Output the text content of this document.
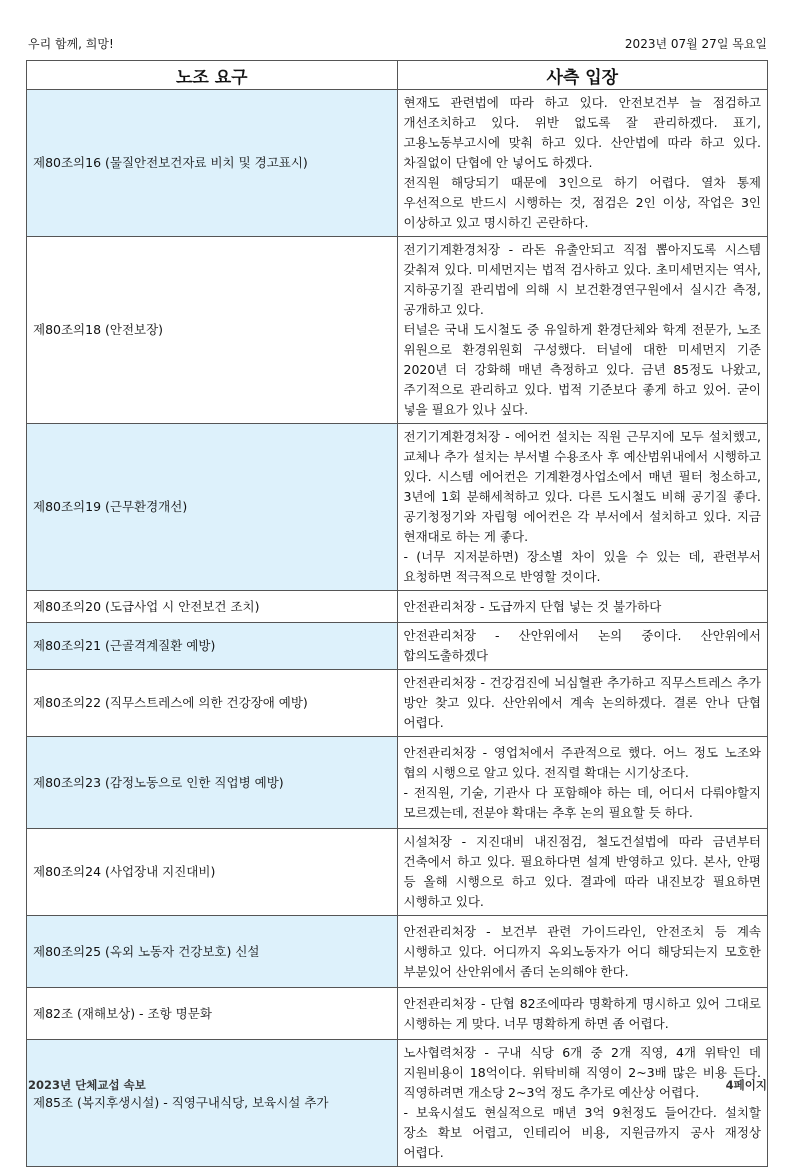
우리 함께, 희망!	2023년 07월 27일 목요일
노조 요구	사측 입장
제80조의16 (물질안전보건자료 비치 및 경고표시)	현재도 관련법에 따라 하고 있다. 안전보건부 늘 점검하고 개선조치하고 있다. 위반 없도록 잘 관리하겠다. 표기, 고용노동부고시에 맞춰 하고 있다. 산안법에 따라 하고 있다. 차질없이 단협에 안 넣어도 하겠다.
전직원 해당되기 때문에 3인으로 하기 어렵다. 열차 통제 우선적으로 반드시 시행하는 것, 점검은 2인 이상, 작업은 3인 이상하고 있고 명시하긴 곤란하다.

제80조의18 (안전보장)	전기기계환경처장 - 라돈 유출안되고 직접 뽑아지도록 시스템 갖춰져 있다. 미세먼지는 법적 검사하고 있다. 초미세먼지는 역사, 지하공기질 관리법에 의해 시 보건환경연구원에서 실시간 측정, 공개하고 있다.
터널은 국내 도시철도 중 유일하게 환경단체와 학계 전문가, 노조 위원으로 환경위원회 구성했다. 터널에 대한 미세먼지 기준 2020년 더 강화해 매년 측정하고 있다. 금년 85정도 나왔고, 주기적으로 관리하고 있다. 법적 기준보다 좋게 하고 있어. 굳이 넣을 필요가 있나 싶다.

제80조의19 (근무환경개선)	전기기계환경처장 - 에어컨 설치는 직원 근무지에 모두 설치했고, 교체나 추가 설치는 부서별 수용조사 후 예산범위내에서 시행하고 있다. 시스템 에어컨은 기계환경사업소에서 매년 필터 청소하고, 3년에 1회 분해세척하고 있다. 다른 도시철도 비해 공기질 좋다. 공기청정기와 자립형 에어컨은 각 부서에서 설치하고 있다. 지금 현재대로 하는 게 좋다.
- (너무 지저분하면) 장소별 차이 있을 수 있는 데, 관련부서 요청하면 적극적으로 반영할 것이다.

제80조의20 (도급사업 시 안전보건 조치)	안전관리처장 - 도급까지 단협 넣는 것 불가하다

제80조의21 (근골격계질환 예방)	안전관리처장 - 산안위에서 논의 중이다. 산안위에서 합의도출하겠다

제80조의22 (직무스트레스에 의한 건강장애 예방)	안전관리처장 - 건강검진에 뇌심혈관 추가하고 직무스트레스 추가 방안 찾고 있다. 산안위에서 계속 논의하겠다. 결론 안나 단협 어렵다.

제80조의23 (감정노동으로 인한 직업병 예방)	안전관리처장 - 영업처에서 주관적으로 했다. 어느 정도 노조와 협의 시행으로 알고 있다. 전직렬 확대는 시기상조다.
- 전직원, 기술, 기관사 다 포함해야 하는 데, 어디서 다뤄야할지 모르겠는데, 전분야 확대는 추후 논의 필요할 듯 하다.

제80조의24 (사업장내 지진대비)	시설처장 - 지진대비 내진점검, 철도건설법에 따라 금년부터 건축에서 하고 있다. 필요하다면 설계 반영하고 있다. 본사, 안평 등 올해 시행으로 하고 있다. 결과에 따라 내진보강 필요하면 시행하고 있다.

제80조의25 (옥외 노동자 건강보호) 신설	안전관리처장 - 보건부 관련 가이드라인, 안전조치 등 계속 시행하고 있다. 어디까지 옥외노동자가 어디 해당되는지 모호한 부분있어 산안위에서 좀더 논의해야 한다.

제82조 (재해보상) - 조항 명문화	안전관리처장 - 단협 82조에따라 명확하게 명시하고 있어 그대로 시행하는 게 맞다. 너무 명확하게 하면 좀 어렵다.

제85조 (복지후생시설) - 직영구내식당, 보육시설 추가	노사협력처장 - 구내 식당 6개 중 2개 직영, 4개 위탁인 데 지원비용이 18억이다. 위탁비해 직영이 2~3배 많은 비용 든다. 직영하려면 개소당 2~3억 정도 추가로 예산상 어렵다.
- 보육시설도 현실적으로 매년 3억 9천정도 들어간다. 설치할 장소 확보 어렵고, 인테리어 비용, 지원금까지 공사 재정상 어렵다.
2023년 단체교섭 속보	4페이지
